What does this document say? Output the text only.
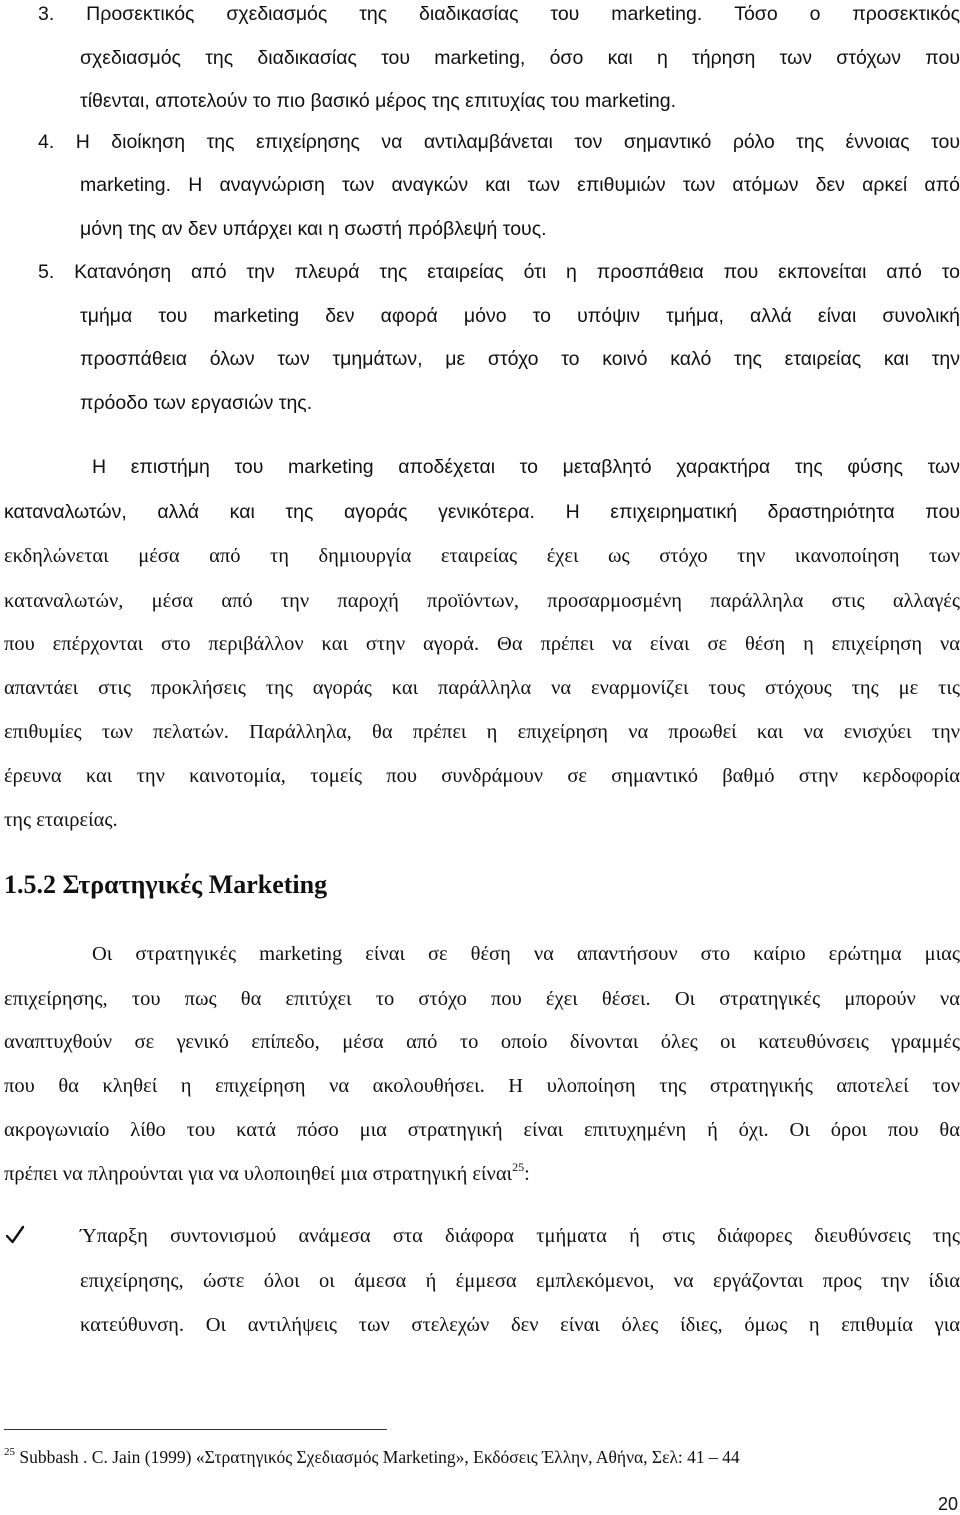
3. Προσεκτικός σχεδιασμός της διαδικασίας του marketing. Τόσο ο προσεκτικός
σχεδιασμός της διαδικασίας του marketing, όσο και η τήρηση των στόχων που
τίθενται, αποτελούν το πιο βασικό μέρος της επιτυχίας του marketing.
4. Η διοίκηση της επιχείρησης να αντιλαμβάνεται τον σημαντικό ρόλο της έννοιας του
marketing. Η αναγνώριση των αναγκών και των επιθυμιών των ατόμων δεν αρκεί από
μόνη της αν δεν υπάρχει και η σωστή πρόβλεψή τους.
5. Κατανόηση από την πλευρά της εταιρείας ότι η προσπάθεια που εκπονείται από το
τμήμα του marketing δεν αφορά μόνο το υπόψιν τμήμα, αλλά είναι συνολική
προσπάθεια όλων των τμημάτων, με στόχο το κοινό καλό της εταιρείας και την
πρόοδο των εργασιών της.
Η επιστήμη του marketing αποδέχεται το μεταβλητό χαρακτήρα της φύσης των
καταναλωτών, αλλά και της αγοράς γενικότερα. Η επιχειρηματική δραστηριότητα που
εκδηλώνεται μέσα από τη δημιουργία εταιρείας έχει ως στόχο την ικανοποίηση των
καταναλωτών, μέσα από την παροχή προϊόντων, προσαρμοσμένη παράλληλα στις αλλαγές
που επέρχονται στο περιβάλλον και στην αγορά. Θα πρέπει να είναι σε θέση η επιχείρηση να
απαντάει στις προκλήσεις της αγοράς και παράλληλα να εναρμονίζει τους στόχους της με τις
επιθυμίες των πελατών. Παράλληλα, θα πρέπει η επιχείρηση να προωθεί και να ενισχύει την
έρευνα και την καινοτομία, τομείς που συνδράμουν σε σημαντικό βαθμό στην κερδοφορία
της εταιρείας.
1.5.2 Στρατηγικές Marketing
Οι στρατηγικές marketing είναι σε θέση να απαντήσουν στο καίριο ερώτημα μιας
επιχείρησης, του πως θα επιτύχει το στόχο που έχει θέσει. Οι στρατηγικές μπορούν να
αναπτυχθούν σε γενικό επίπεδο, μέσα από το οποίο δίνονται όλες οι κατευθύνσεις γραμμές
που θα κληθεί η επιχείρηση να ακολουθήσει. Η υλοποίηση της στρατηγικής αποτελεί τον
ακρογωνιαίο λίθο του κατά πόσο μια στρατηγική είναι επιτυχημένη ή όχι. Οι όροι που θα
πρέπει να πληρούνται για να υλοποιηθεί μια στρατηγική είναι$^{25}$:
Ύπαρξη συντονισμού ανάμεσα στα διάφορα τμήματα ή στις διάφορες διευθύνσεις της
επιχείρησης, ώστε όλοι οι άμεσα ή έμμεσα εμπλεκόμενοι, να εργάζονται προς την ίδια
κατεύθυνση. Οι αντιλήψεις των στελεχών δεν είναι όλες ίδιες, όμως η επιθυμία για
$^{25}$ Subbash . C. Jain (1999) «Στρατηγικός Σχεδιασμός Marketing», Εκδόσεις Έλλην, Αθήνα, Σελ: 41 – 44
20
